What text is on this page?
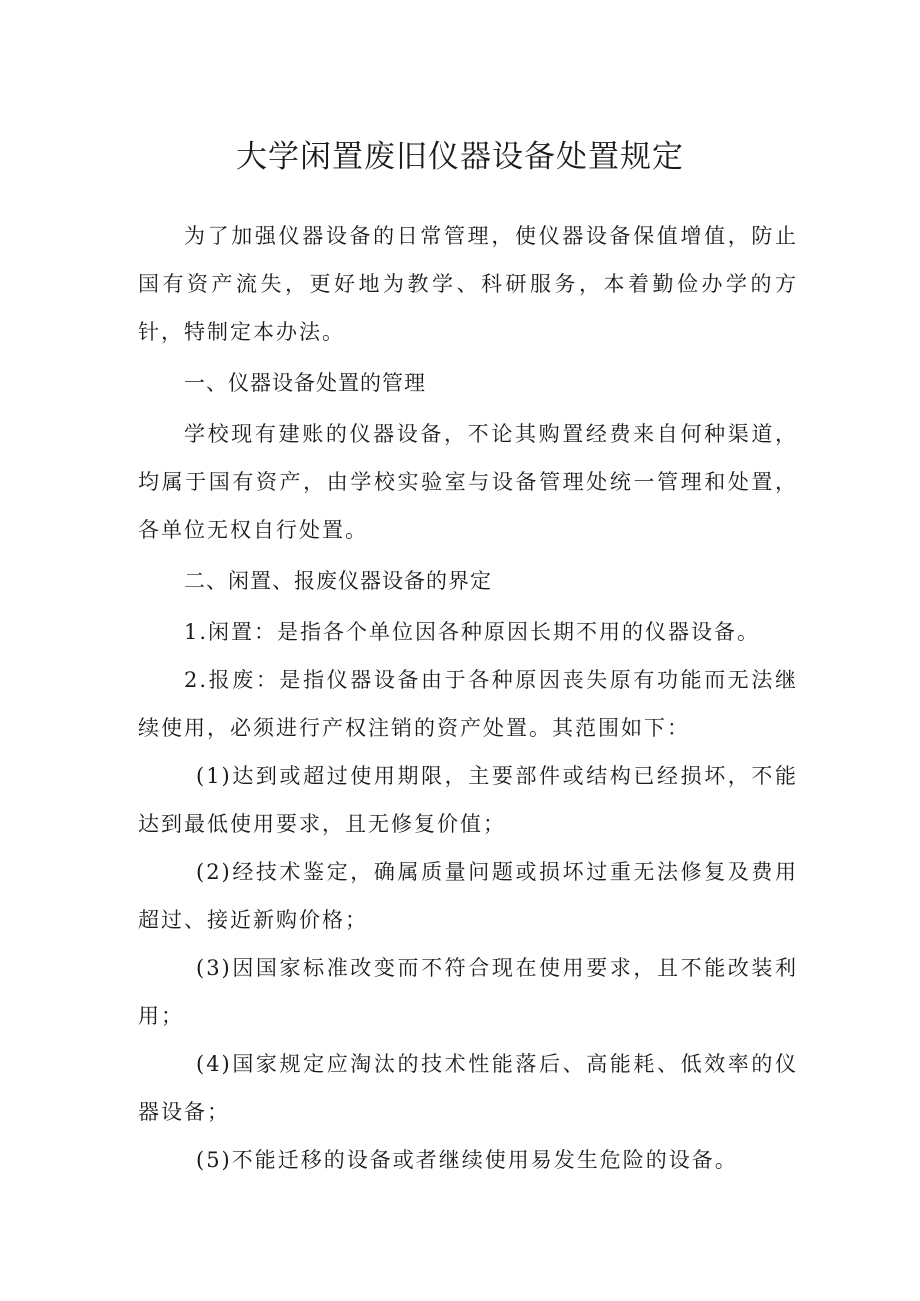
大学闲置废旧仪器设备处置规定

为了加强仪器设备的日常管理，使仪器设备保值增值，防止国有资产流失，更好地为教学、科研服务，本着勤俭办学的方针，特制定本办法。

一、仪器设备处置的管理

学校现有建账的仪器设备，不论其购置经费来自何种渠道，均属于国有资产，由学校实验室与设备管理处统一管理和处置，各单位无权自行处置。

二、闲置、报废仪器设备的界定

1.闲置：是指各个单位因各种原因长期不用的仪器设备。

2.报废：是指仪器设备由于各种原因丧失原有功能而无法继续使用，必须进行产权注销的资产处置。其范围如下：

(1)达到或超过使用期限，主要部件或结构已经损坏，不能达到最低使用要求，且无修复价值；

(2)经技术鉴定，确属质量问题或损坏过重无法修复及费用超过、接近新购价格；

(3)因国家标准改变而不符合现在使用要求，且不能改装利用；

(4)国家规定应淘汰的技术性能落后、高能耗、低效率的仪器设备；

(5)不能迁移的设备或者继续使用易发生危险的设备。
